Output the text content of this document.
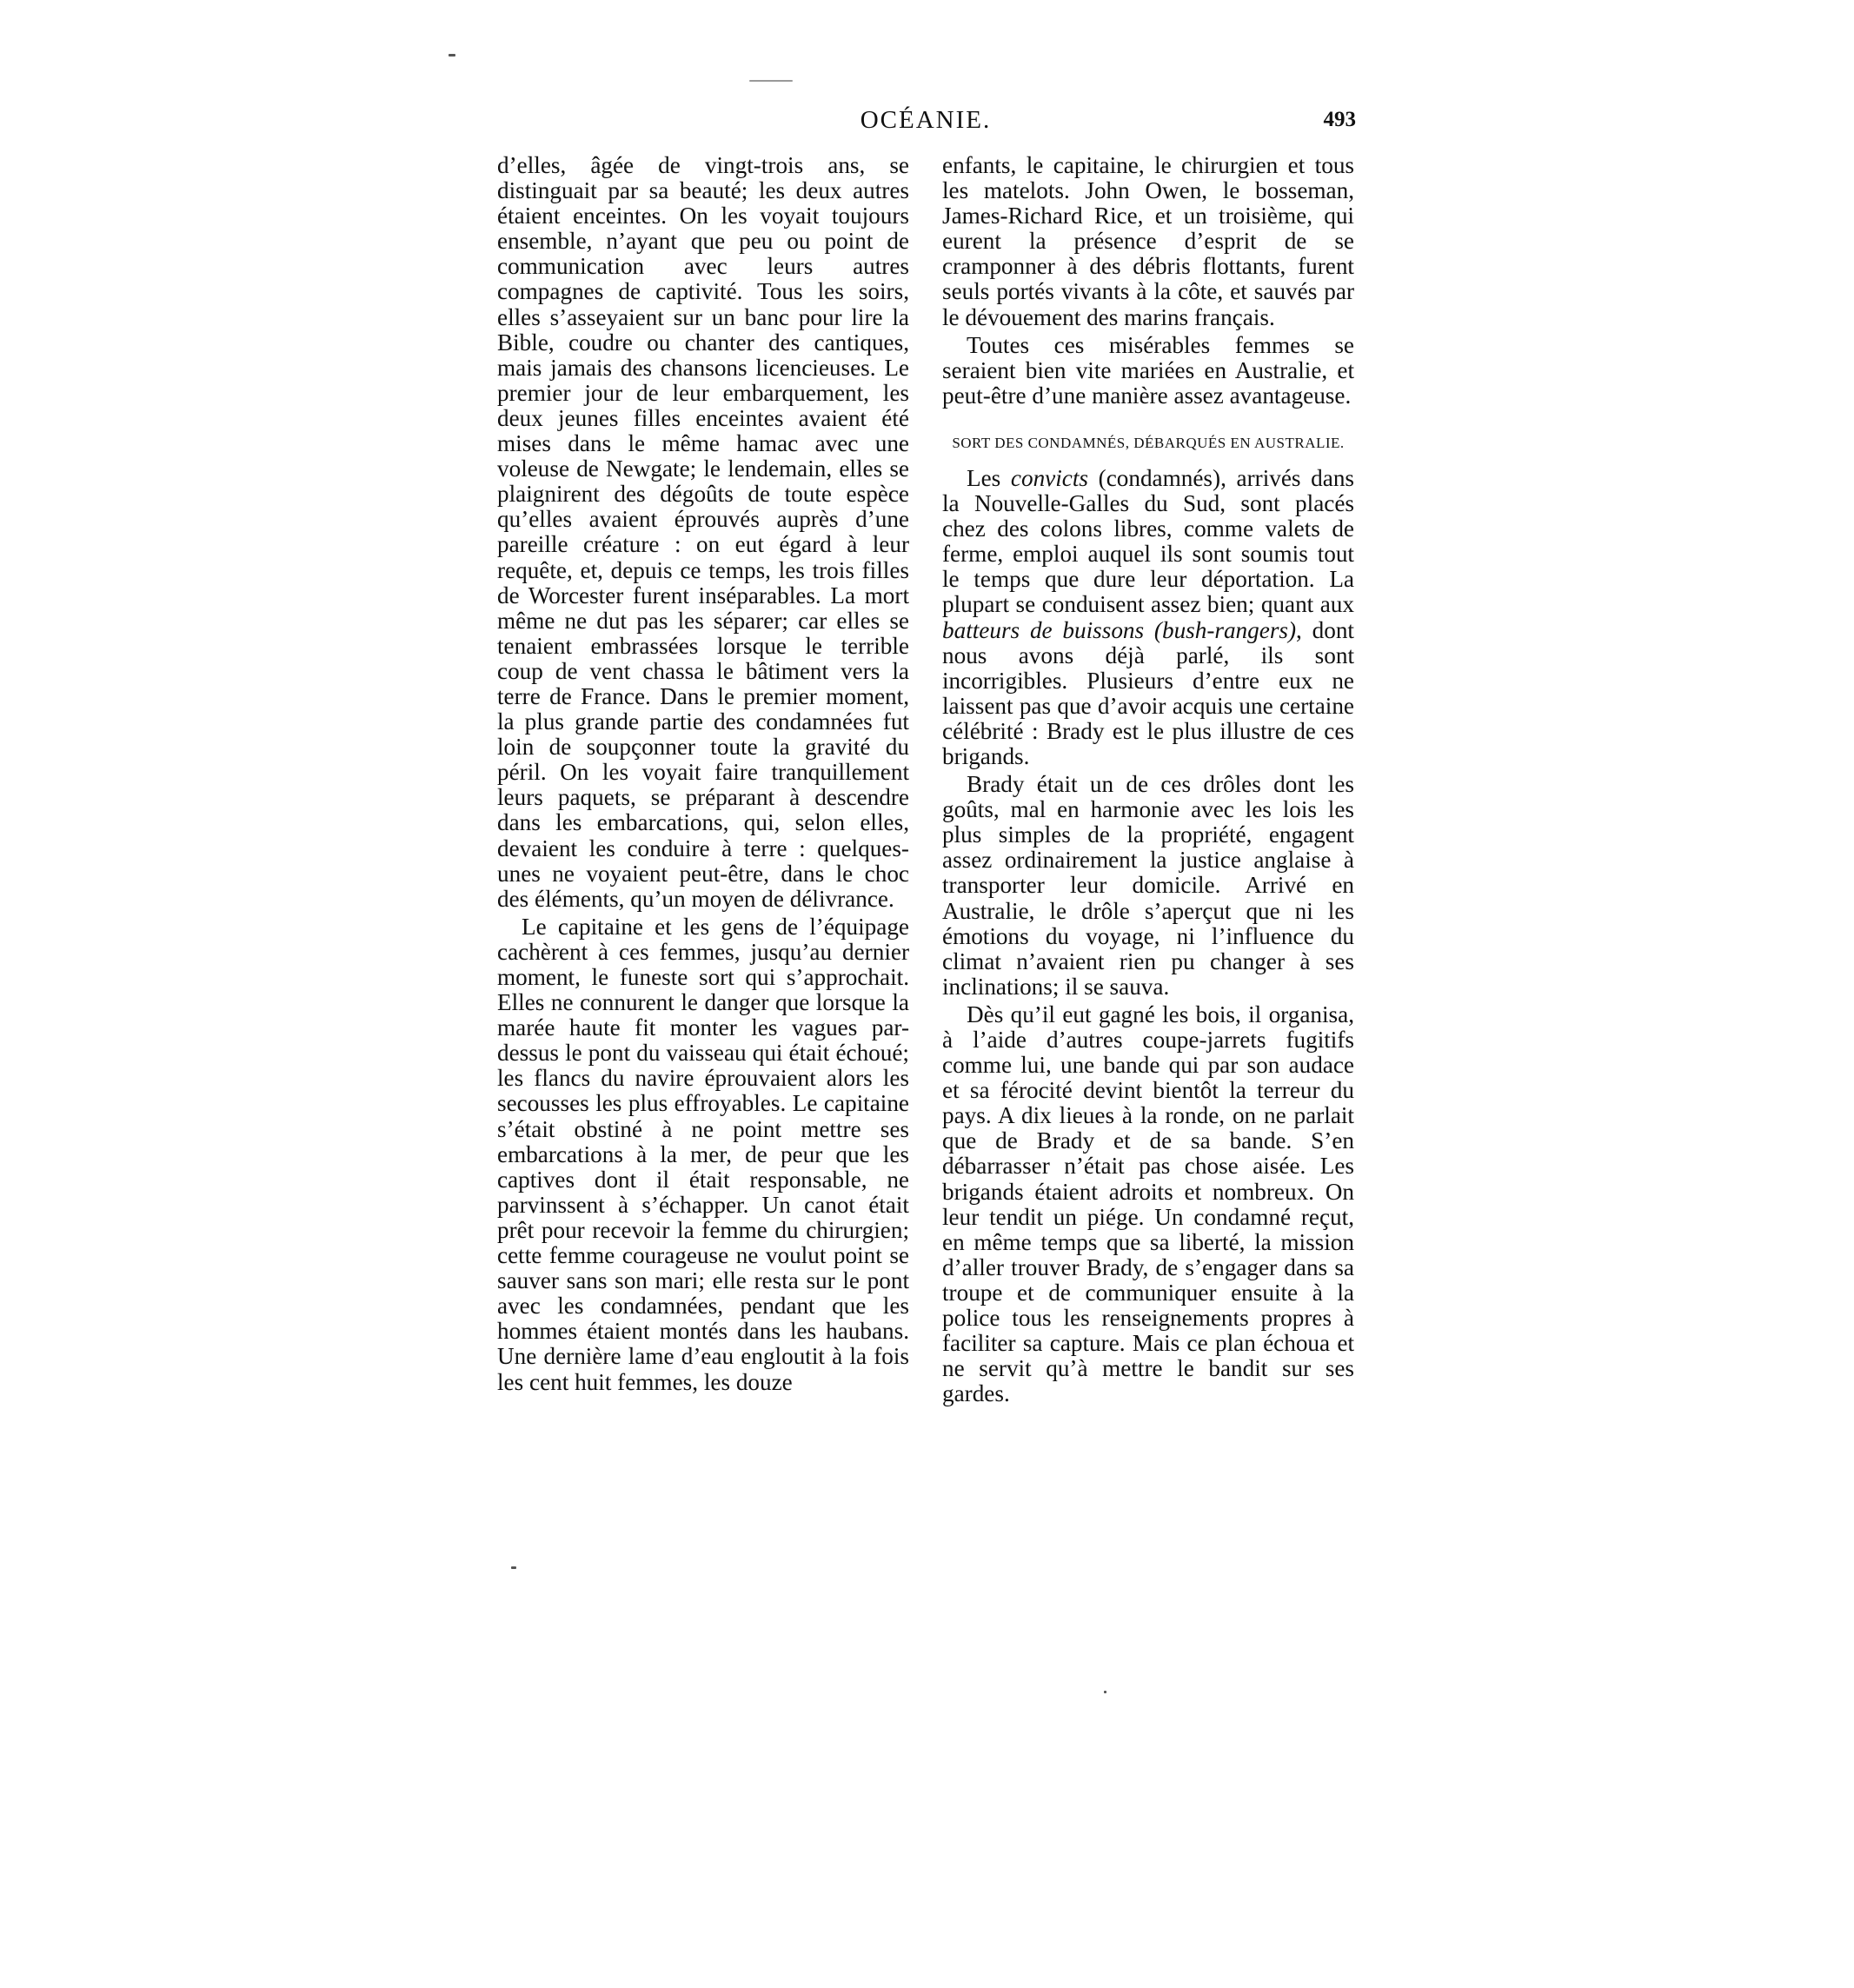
OCÉANIE.	493

d’elles, âgée de vingt-trois ans, se distinguait par sa beauté; les deux autres étaient enceintes. On les voyait toujours ensemble, n’ayant que peu ou point de communication avec leurs autres compagnes de captivité. Tous les soirs, elles s’asseyaient sur un banc pour lire la Bible, coudre ou chanter des cantiques, mais jamais des chansons licencieuses. Le premier jour de leur embarquement, les deux jeunes filles enceintes avaient été mises dans le même hamac avec une voleuse de Newgate; le lendemain, elles se plaignirent des dégoûts de toute espèce qu’elles avaient éprouvés auprès d’une pareille créature : on eut égard à leur requête, et, depuis ce temps, les trois filles de Worcester furent inséparables. La mort même ne dut pas les séparer; car elles se tenaient embrassées lorsque le terrible coup de vent chassa le bâtiment vers la terre de France. Dans le premier moment, la plus grande partie des condamnées fut loin de soupçonner toute la gravité du péril. On les voyait faire tranquillement leurs paquets, se préparant à descendre dans les embarcations, qui, selon elles, devaient les conduire à terre : quelques-unes ne voyaient peut-être, dans le choc des éléments, qu’un moyen de délivrance.

Le capitaine et les gens de l’équipage cachèrent à ces femmes, jusqu’au dernier moment, le funeste sort qui s’approchait. Elles ne connurent le danger que lorsque la marée haute fit monter les vagues par-dessus le pont du vaisseau qui était échoué; les flancs du navire éprouvaient alors les secousses les plus effroyables. Le capitaine s’était obstiné à ne point mettre ses embarcations à la mer, de peur que les captives dont il était responsable, ne parvinssent à s’échapper. Un canot était prêt pour recevoir la femme du chirurgien; cette femme courageuse ne voulut point se sauver sans son mari; elle resta sur le pont avec les condamnées, pendant que les hommes étaient montés dans les haubans. Une dernière lame d’eau engloutit à la fois les cent huit femmes, les douze

enfants, le capitaine, le chirurgien et tous les matelots. John Owen, le bosseman, James-Richard Rice, et un troisième, qui eurent la présence d’esprit de se cramponner à des débris flottants, furent seuls portés vivants à la côte, et sauvés par le dévouement des marins français.

Toutes ces misérables femmes se seraient bien vite mariées en Australie, et peut-être d’une manière assez avantageuse.

SORT DES CONDAMNÉS, DÉBARQUÉS EN AUSTRALIE.

Les convicts (condamnés), arrivés dans la Nouvelle-Galles du Sud, sont placés chez des colons libres, comme valets de ferme, emploi auquel ils sont soumis tout le temps que dure leur déportation. La plupart se conduisent assez bien; quant aux batteurs de buissons (bush-rangers), dont nous avons déjà parlé, ils sont incorrigibles. Plusieurs d’entre eux ne laissent pas que d’avoir acquis une certaine célébrité : Brady est le plus illustre de ces brigands.

Brady était un de ces drôles dont les goûts, mal en harmonie avec les lois les plus simples de la propriété, engagent assez ordinairement la justice anglaise à transporter leur domicile. Arrivé en Australie, le drôle s’aperçut que ni les émotions du voyage, ni l’influence du climat n’avaient rien pu changer à ses inclinations; il se sauva.

Dès qu’il eut gagné les bois, il organisa, à l’aide d’autres coupe-jarrets fugitifs comme lui, une bande qui par son audace et sa férocité devint bientôt la terreur du pays. A dix lieues à la ronde, on ne parlait que de Brady et de sa bande. S’en débarrasser n’était pas chose aisée. Les brigands étaient adroits et nombreux. On leur tendit un piége. Un condamné reçut, en même temps que sa liberté, la mission d’aller trouver Brady, de s’engager dans sa troupe et de communiquer ensuite à la police tous les renseignements propres à faciliter sa capture. Mais ce plan échoua et ne servit qu’à mettre le bandit sur ses gardes.
